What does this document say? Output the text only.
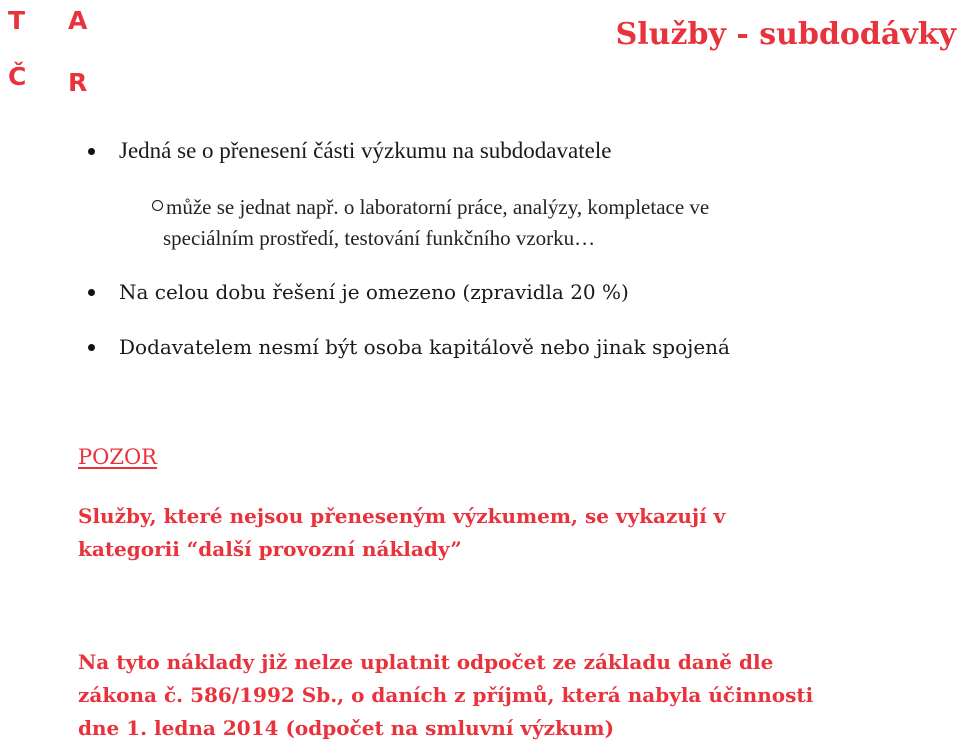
T A
Č R
Služby - subdodávky
Jedná se o přenesení části výzkumu na subdodavatele
může se jednat např. o laboratorní práce, analýzy, kompletace ve
speciálním prostředí, testování funkčního vzorku…
Na celou dobu řešení je omezeno (zpravidla 20 %)
Dodavatelem nesmí být osoba kapitálově nebo jinak spojená
POZOR
Služby, které nejsou přeneseným výzkumem, se vykazují v
kategorii “další provozní náklady”
Na tyto náklady již nelze uplatnit odpočet ze základu daně dle
zákona č. 586/1992 Sb., o daních z příjmů, která nabyla účinnosti
dne 1. ledna 2014 (odpočet na smluvní výzkum)
